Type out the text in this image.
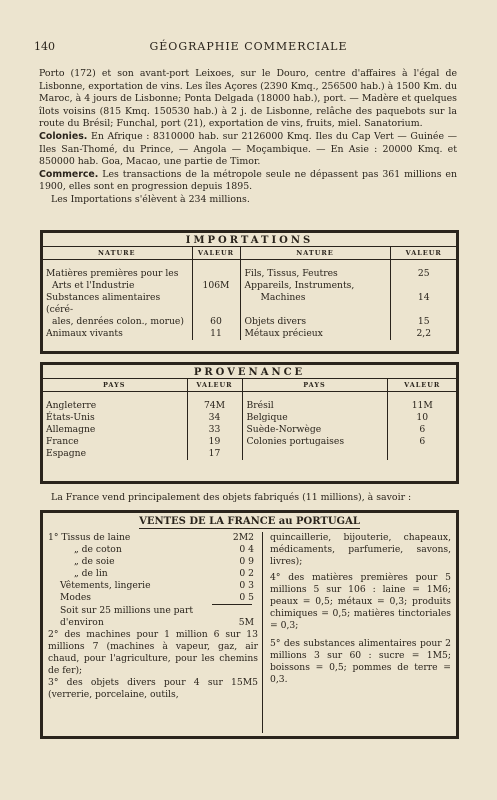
140	GÉOGRAPHIE COMMERCIALE

Porto (172) et son avant-port Leixoes, sur le Douro, centre d'affaires à l'égal de Lisbonne, exportation de vins. Les îles Açores (2390 Kmq., 256500 hab.) à 1500 Km. du Maroc, à 4 jours de Lisbonne; Ponta Delgada (18000 hab.), port. — Madère et quelques îlots voisins (815 Kmq. 150530 hab.) à 2 j. de Lisbonne, relâche des paquebots sur la route du Brésil; Funchal, port (21), exportation de vins, fruits, miel. Sanatorium.

Colonies. En Afrique : 8310000 hab. sur 2126000 Kmq. Iles du Cap Vert — Guinée — Iles San-Thomé, du Prince, — Angola — Moçambique. — En Asie : 20000 Kmq. et 850000 hab. Goa, Macao, une partie de Timor.

Commerce. Les transactions de la métropole seule ne dépassent pas 361 millions en 1900, elles sont en progression depuis 1895.

Les Importations s'élèvent à 234 millions.

IMPORTATIONS
NATURE	VALEUR	NATURE	VALEUR

Matières premières pour les		Fils, Tissus, Feutres	25
Arts et l'Industrie	106M	Appareils, Instruments,	
Substances alimentaires (céré-		Machines	14
ales, denrées colon., morue)	60	Objets divers	15
Animaux vivants	11	Métaux précieux	2,2
PROVENANCE
PAYS	VALEUR	PAYS	VALEUR

Angleterre	74M	Brésil	11M
États-Unis	34	Belgique	10
Allemagne	33	Suède-Norwège	6
France	19	Colonies portugaises	6
Espagne	17		
La France vend principalement des objets fabriqués (11 millions), à savoir :
VENTES DE LA FRANCE au PORTUGAL
1° Tissus de laine	2M2
„ de coton	0 4
„ de soie	0 9
„ de lin	0 2
Vêtements, lingerie	0 3
Modes	0 5
Soit sur 25 millions une part d'environ	5M
2° des machines pour 1 million 6 sur 13 millions 7 (machines à vapeur, gaz, air chaud, pour l'agriculture, pour les chemins de fer);
3° des objets divers pour 4 sur 15M5 (verrerie, porcelaine, outils,
quincaillerie, bijouterie, chapeaux, médicaments, parfumerie, savons, livres);
4° des matières premières pour 5 millions 5 sur 106 : laine = 1M6; peaux = 0,5; métaux = 0,3; produits chimiques = 0,5; matières tinctoriales = 0,3;
5° des substances alimentaires pour 2 millions 3 sur 60 : sucre = 1M5; boissons = 0,5; pommes de terre = 0,3.
